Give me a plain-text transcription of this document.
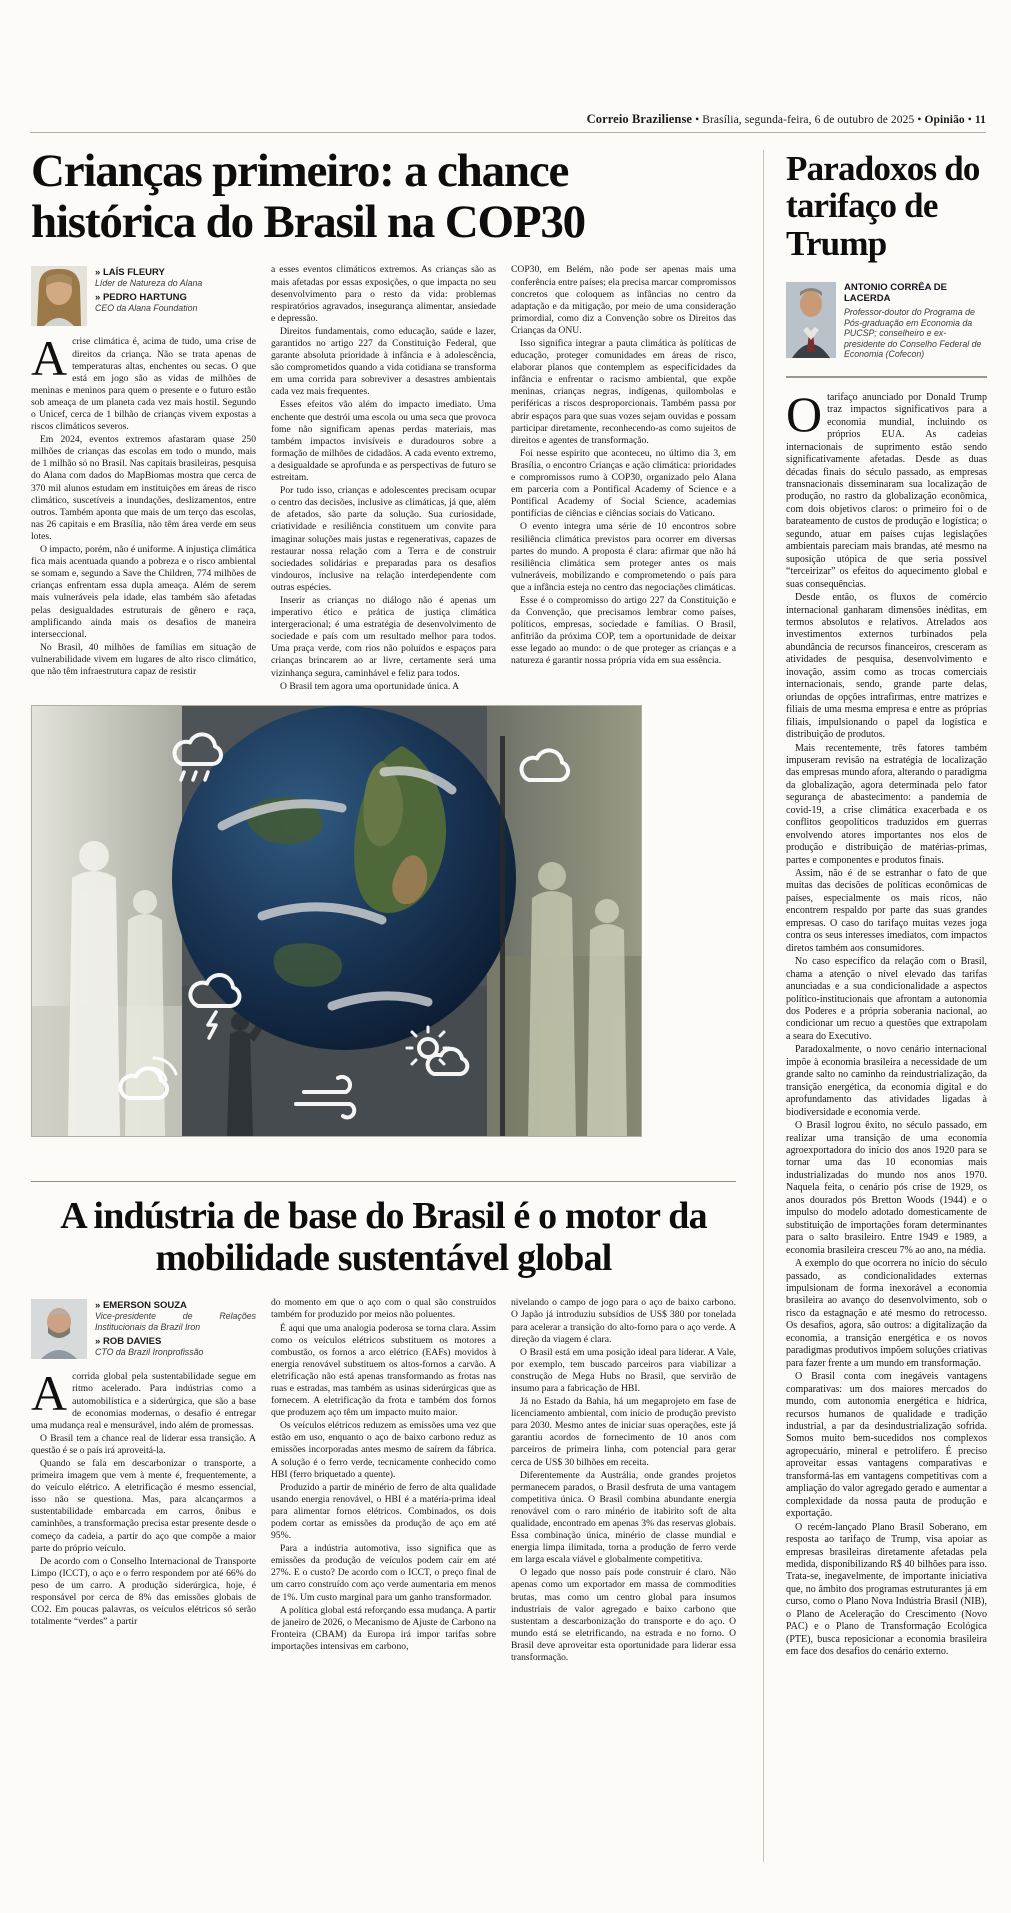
Correio Braziliense • Brasília, segunda-feira, 6 de outubro de 2025 • Opinião • 11
Crianças primeiro: a chance histórica do Brasil na COP30
» LAÍS FLEURY
Líder de Natureza do Alana
» PEDRO HARTUNG
CEO da Alana Foundation

Acrise climática é, acima de tudo, uma crise de direitos da criança. Não se trata apenas de temperaturas altas, enchentes ou secas. O que está em jogo são as vidas de milhões de meninas e meninos para quem o presente e o futuro estão sob ameaça de um planeta cada vez mais hostil. Segundo o Unicef, cerca de 1 bilhão de crianças vivem expostas a riscos climáticos severos.

Em 2024, eventos extremos afastaram quase 250 milhões de crianças das escolas em todo o mundo, mais de 1 milhão só no Brasil. Nas capitais brasileiras, pesquisa do Alana com dados do MapBiomas mostra que cerca de 370 mil alunos estudam em instituições em áreas de risco climático, suscetíveis a inundações, deslizamentos, entre outros. Também aponta que mais de um terço das escolas, nas 26 capitais e em Brasília, não têm área verde em seus lotes.

O impacto, porém, não é uniforme. A injustiça climática fica mais acentuada quando a pobreza e o risco ambiental se somam e, segundo a Save the Children, 774 milhões de crianças enfrentam essa dupla ameaça. Além de serem mais vulneráveis pela idade, elas também são afetadas pelas desigualdades estruturais de gênero e raça, amplificando ainda mais os desafios de maneira interseccional.

No Brasil, 40 milhões de famílias em situação de vulnerabilidade vivem em lugares de alto risco climático, que não têm infraestrutura capaz de resistir

a esses eventos climáticos extremos. As crianças são as mais afetadas por essas exposições, o que impacta no seu desenvolvimento para o resto da vida: problemas respiratórios agravados, insegurança alimentar, ansiedade e depressão.

Direitos fundamentais, como educação, saúde e lazer, garantidos no artigo 227 da Constituição Federal, que garante absoluta prioridade à infância e à adolescência, são comprometidos quando a vida cotidiana se transforma em uma corrida para sobreviver a desastres ambientais cada vez mais frequentes.

Esses efeitos vão além do impacto imediato. Uma enchente que destrói uma escola ou uma seca que provoca fome não significam apenas perdas materiais, mas também impactos invisíveis e duradouros sobre a formação de milhões de cidadãos. A cada evento extremo, a desigualdade se aprofunda e as perspectivas de futuro se estreitam.

Por tudo isso, crianças e adolescentes precisam ocupar o centro das decisões, inclusive as climáticas, já que, além de afetados, são parte da solução. Sua curiosidade, criatividade e resiliência constituem um convite para imaginar soluções mais justas e regenerativas, capazes de restaurar nossa relação com a Terra e de construir sociedades solidárias e preparadas para os desafios vindouros, inclusive na relação interdependente com outras espécies.

Inserir as crianças no diálogo não é apenas um imperativo ético e prática de justiça climática intergeracional; é uma estratégia de desenvolvimento de sociedade e país com um resultado melhor para todos. Uma praça verde, com rios não poluídos e espaços para crianças brincarem ao ar livre, certamente será uma vizinhança segura, caminhável e feliz para todos.

O Brasil tem agora uma oportunidade única. A

COP30, em Belém, não pode ser apenas mais uma conferência entre países; ela precisa marcar compromissos concretos que coloquem as infâncias no centro da adaptação e da mitigação, por meio de uma consideração primordial, como diz a Convenção sobre os Direitos das Crianças da ONU.

Isso significa integrar a pauta climática às políticas de educação, proteger comunidades em áreas de risco, elaborar planos que contemplem as especificidades da infância e enfrentar o racismo ambiental, que expõe meninas, crianças negras, indígenas, quilombolas e periféricas a riscos desproporcionais. Também passa por abrir espaços para que suas vozes sejam ouvidas e possam participar diretamente, reconhecendo-as como sujeitos de direitos e agentes de transformação.

Foi nesse espírito que aconteceu, no último dia 3, em Brasília, o encontro Crianças e ação climática: prioridades e compromissos rumo à COP30, organizado pelo Alana em parceria com a Pontifical Academy of Science e a Pontifical Academy of Social Science, academias pontifícias de ciências e ciências sociais do Vaticano.

O evento integra uma série de 10 encontros sobre resiliência climática previstos para ocorrer em diversas partes do mundo. A proposta é clara: afirmar que não há resiliência climática sem proteger antes os mais vulneráveis, mobilizando e comprometendo o país para que a infância esteja no centro das negociações climáticas.

Esse é o compromisso do artigo 227 da Constituição e da Convenção, que precisamos lembrar como países, políticos, empresas, sociedade e famílias. O Brasil, anfitrião da próxima COP, tem a oportunidade de deixar esse legado ao mundo: o de que proteger as crianças e a natureza é garantir nossa própria vida em sua essência.

A indústria de base do Brasil é o motor da mobilidade sustentável global
» EMERSON SOUZA
Vice-presidente de Relações Institucionais da Brazil Iron
» ROB DAVIES
CTO da Brazil Ironprofissão

Acorrida global pela sustentabilidade segue em ritmo acelerado. Para indústrias como a automobilística e a siderúrgica, que são a base de economias modernas, o desafio é entregar uma mudança real e mensurável, indo além de promessas.

O Brasil tem a chance real de liderar essa transição. A questão é se o país irá aproveitá-la.

Quando se fala em descarbonizar o transporte, a primeira imagem que vem à mente é, frequentemente, a do veículo elétrico. A eletrificação é mesmo essencial, isso não se questiona. Mas, para alcançarmos a sustentabilidade embarcada em carros, ônibus e caminhões, a transformação precisa estar presente desde o começo da cadeia, a partir do aço que compõe a maior parte do próprio veículo.

De acordo com o Conselho Internacional de Transporte Limpo (ICCT), o aço e o ferro respondem por até 66% do peso de um carro. A produção siderúrgica, hoje, é responsável por cerca de 8% das emissões globais de CO2. Em poucas palavras, os veículos elétricos só serão totalmente “verdes” a partir

do momento em que o aço com o qual são construídos também for produzido por meios não poluentes.

É aqui que uma analogia poderosa se torna clara. Assim como os veículos elétricos substituem os motores a combustão, os fornos a arco elétrico (EAFs) movidos à energia renovável substituem os altos-fornos a carvão. A eletrificação não está apenas transformando as frotas nas ruas e estradas, mas também as usinas siderúrgicas que as fornecem. A eletrificação da frota e também dos fornos que produzem aço têm um impacto muito maior.

Os veículos elétricos reduzem as emissões uma vez que estão em uso, enquanto o aço de baixo carbono reduz as emissões incorporadas antes mesmo de saírem da fábrica. A solução é o ferro verde, tecnicamente conhecido como HBI (ferro briquetado a quente).

Produzido a partir de minério de ferro de alta qualidade usando energia renovável, o HBI é a matéria-prima ideal para alimentar fornos elétricos. Combinados, os dois podem cortar as emissões da produção de aço em até 95%.

Para a indústria automotiva, isso significa que as emissões da produção de veículos podem cair em até 27%. E o custo? De acordo com o ICCT, o preço final de um carro construído com aço verde aumentaria em menos de 1%. Um custo marginal para um ganho transformador.

A política global está reforçando essa mudança. A partir de janeiro de 2026, o Mecanismo de Ajuste de Carbono na Fronteira (CBAM) da Europa irá impor tarifas sobre importações intensivas em carbono,

nivelando o campo de jogo para o aço de baixo carbono. O Japão já introduziu subsídios de US$ 380 por tonelada para acelerar a transição do alto-forno para o aço verde. A direção da viagem é clara.

O Brasil está em uma posição ideal para liderar. A Vale, por exemplo, tem buscado parceiros para viabilizar a construção de Mega Hubs no Brasil, que servirão de insumo para a fabricação de HBI.

Já no Estado da Bahia, há um megaprojeto em fase de licenciamento ambiental, com início de produção previsto para 2030. Mesmo antes de iniciar suas operações, este já garantiu acordos de fornecimento de 10 anos com parceiros de primeira linha, com potencial para gerar cerca de US$ 30 bilhões em receita.

Diferentemente da Austrália, onde grandes projetos permanecem parados, o Brasil desfruta de uma vantagem competitiva única. O Brasil combina abundante energia renovável com o raro minério de itabirito soft de alta qualidade, encontrado em apenas 3% das reservas globais. Essa combinação única, minério de classe mundial e energia limpa ilimitada, torna a produção de ferro verde em larga escala viável e globalmente competitiva.

O legado que nosso país pode construir é claro. Não apenas como um exportador em massa de commodities brutas, mas como um centro global para insumos industriais de valor agregado e baixo carbono que sustentam a descarbonização do transporte e do aço. O mundo está se eletrificando, na estrada e no forno. O Brasil deve aproveitar esta oportunidade para liderar essa transformação.

Paradoxos do tarifaço de Trump
ANTONIO CORRÊA DE LACERDA
Professor-doutor do Programa de Pós-graduação em Economia da PUCSP; conselheiro e ex-presidente do Conselho Federal de Economia (Cofecon)

Otarifaço anunciado por Donald Trump traz impactos significativos para a economia mundial, incluindo os próprios EUA. As cadeias internacionais de suprimento estão sendo significativamente afetadas. Desde as duas décadas finais do século passado, as empresas transnacionais disseminaram sua localização de produção, no rastro da globalização econômica, com dois objetivos claros: o primeiro foi o de barateamento de custos de produção e logística; o segundo, atuar em países cujas legislações ambientais pareciam mais brandas, até mesmo na suposição utópica de que seria possível “terceirizar” os efeitos do aquecimento global e suas consequências.

Desde então, os fluxos de comércio internacional ganharam dimensões inéditas, em termos absolutos e relativos. Atrelados aos investimentos externos turbinados pela abundância de recursos financeiros, cresceram as atividades de pesquisa, desenvolvimento e inovação, assim como as trocas comerciais internacionais, sendo, grande parte delas, oriundas de opções intrafirmas, entre matrizes e filiais de uma mesma empresa e entre as próprias filiais, impulsionando o papel da logística e distribuição de produtos.

Mais recentemente, três fatores também impuseram revisão na estratégia de localização das empresas mundo afora, alterando o paradigma da globalização, agora determinada pelo fator segurança de abastecimento: a pandemia de covid-19, a crise climática exacerbada e os conflitos geopolíticos traduzidos em guerras envolvendo atores importantes nos elos de produção e distribuição de matérias-primas, partes e componentes e produtos finais.

Assim, não é de se estranhar o fato de que muitas das decisões de políticas econômicas de países, especialmente os mais ricos, não encontrem respaldo por parte das suas grandes empresas. O caso do tarifaço muitas vezes joga contra os seus interesses imediatos, com impactos diretos também aos consumidores.

No caso específico da relação com o Brasil, chama a atenção o nível elevado das tarifas anunciadas e a sua condicionalidade a aspectos político-institucionais que afrontam a autonomia dos Poderes e a própria soberania nacional, ao condicionar um recuo a questões que extrapolam a seara do Executivo.

Paradoxalmente, o novo cenário internacional impõe à economia brasileira a necessidade de um grande salto no caminho da reindustrialização, da transição energética, da economia digital e do aprofundamento das atividades ligadas à biodiversidade e economia verde.

O Brasil logrou êxito, no século passado, em realizar uma transição de uma economia agroexportadora do início dos anos 1920 para se tornar uma das 10 economias mais industrializadas do mundo nos anos 1970. Naquela feita, o cenário pós crise de 1929, os anos dourados pós Bretton Woods (1944) e o impulso do modelo adotado domesticamente de substituição de importações foram determinantes para o salto brasileiro. Entre 1949 e 1989, a economia brasileira cresceu 7% ao ano, na média.

A exemplo do que ocorrera no início do século passado, as condicionalidades externas impulsionam de forma inexorável a economia brasileira ao avanço do desenvolvimento, sob o risco da estagnação e até mesmo do retrocesso. Os desafios, agora, são outros: a digitalização da economia, a transição energética e os novos paradigmas produtivos impõem soluções criativas para fazer frente a um mundo em transformação.

O Brasil conta com inegáveis vantagens comparativas: um dos maiores mercados do mundo, com autonomia energética e hídrica, recursos humanos de qualidade e tradição industrial, a par da desindustrialização sofrida. Somos muito bem-sucedidos nos complexos agropecuário, mineral e petrolífero. É preciso aproveitar essas vantagens comparativas e transformá-las em vantagens competitivas com a ampliação do valor agregado gerado e aumentar a complexidade da nossa pauta de produção e exportação.

O recém-lançado Plano Brasil Soberano, em resposta ao tarifaço de Trump, visa apoiar as empresas brasileiras diretamente afetadas pela medida, disponibilizando R$ 40 bilhões para isso. Trata-se, inegavelmente, de importante iniciativa que, no âmbito dos programas estruturantes já em curso, como o Plano Nova Indústria Brasil (NIB), o Plano de Aceleração do Crescimento (Novo PAC) e o Plano de Transformação Ecológica (PTE), busca reposicionar a economia brasileira em face dos desafios do cenário externo.
